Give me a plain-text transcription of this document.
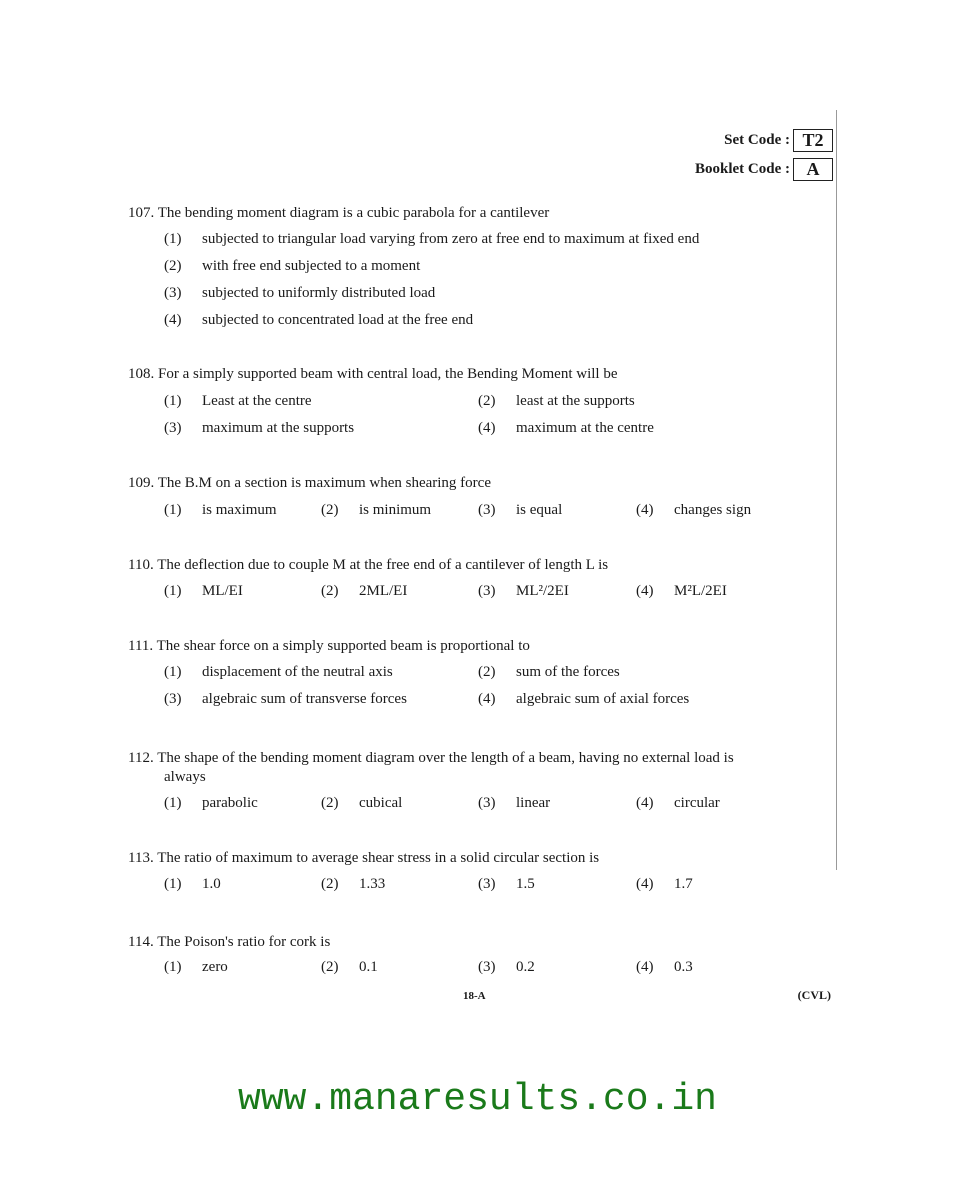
Set Code : T2
Booklet Code : A
107. The bending moment diagram is a cubic parabola for a cantilever
(1) subjected to triangular load varying from zero at free end to maximum at fixed end
(2) with free end subjected to a moment
(3) subjected to uniformly distributed load
(4) subjected to concentrated load at the free end
108. For a simply supported beam with central load, the Bending Moment will be
(1) Least at the centre	(2) least at the supports
(3) maximum at the supports	(4) maximum at the centre
109. The B.M on a section is maximum when shearing force
(1) is maximum	(2) is minimum	(3) is equal	(4) changes sign
110. The deflection due to couple M at the free end of a cantilever of length L is
(1) ML/EI	(2) 2ML/EI	(3) ML²/2EI	(4) M²L/2EI
111. The shear force on a simply supported beam is proportional to
(1) displacement of the neutral axis	(2) sum of the forces
(3) algebraic sum of transverse forces	(4) algebraic sum of axial forces
112. The shape of the bending moment diagram over the length of a beam, having no external load is
always
(1) parabolic	(2) cubical	(3) linear	(4) circular
113. The ratio of maximum to average shear stress in a solid circular section is
(1) 1.0	(2) 1.33	(3) 1.5	(4) 1.7
114. The Poison's ratio for cork is
(1) zero	(2) 0.1	(3) 0.2	(4) 0.3
18-A	(CVL)
www.manaresults.co.in
